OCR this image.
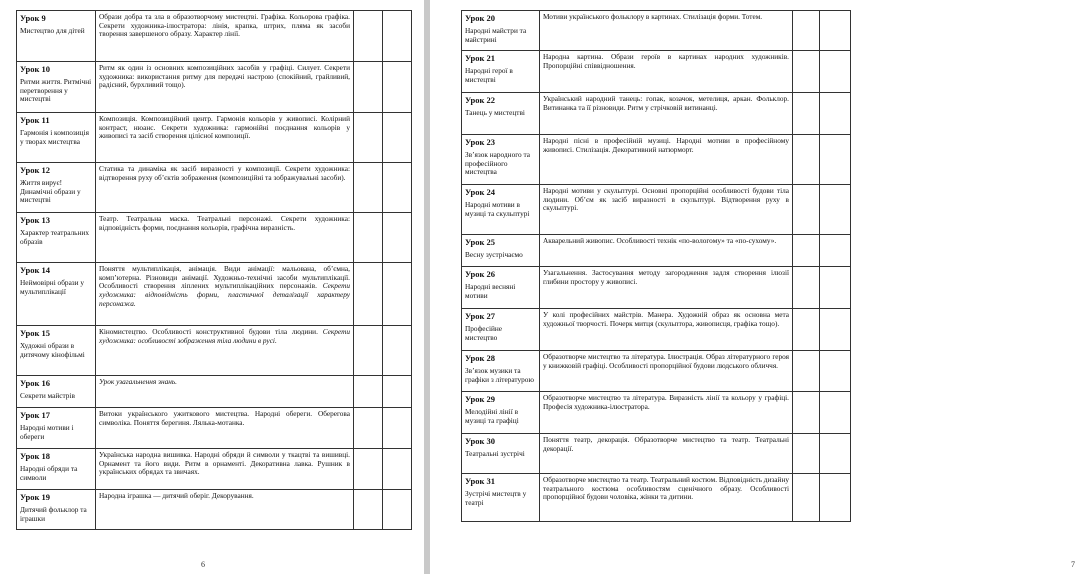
Урок 9
Мистецтво для дітей	Образи добра та зла в образотворчому мистецтві. Графіка. Кольорова графіка. Секрети художника-ілюстратора: лінія, крапка, штрих, пляма як засоби творення завершеного образу. Характер лінії.		

Урок 10
Ритми життя. Ритмічні перетворення у мистецтві	Ритм як один із основних композиційних засобів у графіці. Силует. Секрети художника: використання ритму для передачі настрою (спокійний, грайливий, радісний, бурхливий тощо).		

Урок 11
Гармонія і композиція у творах мистецтва	Композиція. Композиційний центр. Гармонія кольорів у живописі. Колірний контраст, нюанс. Секрети художника: гармонійні поєднання кольорів у живописі та засіб створення цілісної композиції.		

Урок 12
Життя вирує! Динамічні образи у мистецтві	Статика та динаміка як засіб виразності у композиції. Секрети художника: відтворення руху об’єктів зображення (композиційні та зображувальні засоби).		

Урок 13
Характер театральних образів	Театр. Театральна маска. Театральні персонажі. Секрети художника: відповідність форми, поєднання кольорів, графічна виразність.		

Урок 14
Неймовірні образи у мультиплікації	Поняття мультиплікація, анімація. Види анімації: мальована, об’ємна, комп’ютерна. Різновиди анімації. Художньо-технічні засоби мультиплікації. Особливості створення ліплених мультиплікаційних персонажів. Секрети художника: відповідність форми, пластичної деталізації характеру персонажа.		

Урок 15
Художні образи в дитячому кінофільмі	Кіномистецтво. Особливості конструктивної будови тіла людини. Секрети художника: особливості зображення тіла людини в русі.		

Урок 16
Секрети майстрів	Урок узагальнення знань.		

Урок 17
Народні мотиви і обереги	Витоки українського ужиткового мистецтва. Народні обереги. Оберегова символіка. Поняття берегиня. Лялька-мотанка.		

Урок 18
Народні обряди та символи	Українська народна вишивка. Народні обряди й символи у ткацтві та вишивці. Орнамент та його види. Ритм в орнаменті. Декоративна лавка. Рушник в українських обрядах та звичаях.		

Урок 19
Дитячий фольклор та іграшки	Народна іграшка — дитячий оберіг. Декорування.		
6
Урок 20
Народні майстри та майстрині	Мотиви українського фольклору в картинах. Стилізація форми. Тотем.		

Урок 21
Народні герої в мистецтві	Народна картина. Образи героїв в картинах народних художників. Пропорційні співвідношення.		

Урок 22
Танець у мистецтві	Український народний танець: гопак, козачок, метелиця, аркан. Фольклор. Витинанка та її різновиди. Ритм у стрічковій витинанці.		

Урок 23
Зв’язок народного та професійного мистецтва	Народні пісні в професійній музиці. Народні мотиви в професійному живописі. Стилізація. Декоративний натюрморт.		

Урок 24
Народні мотиви в музиці та скульптурі	Народні мотиви у скульптурі. Основні пропорційні особливості будови тіла людини. Об’єм як засіб виразності в скульптурі. Відтворення руху в скульптурі.		

Урок 25
Весну зустрічаємо	Акварельний живопис. Особливості технік «по-вологому» та «по-сухому».		

Урок 26
Народні весняні мотиви	Узагальнення. Застосування методу загородження задля створення ілюзії глибини простору у живописі.		

Урок 27
Професійне мистецтво	У колі професійних майстрів. Манера. Художній образ як основна мета художньої творчості. Почерк митця (скульптора, живописця, графіка тощо).		

Урок 28
Зв’язок музики та графіки з літературою	Образотворче мистецтво та література. Ілюстрація. Образ літературного героя у книжковій графіці. Особливості пропорційної будови людського обличчя.		

Урок 29
Мелодійні лінії в музиці та графіці	Образотворче мистецтво та література. Виразність лінії та кольору у графіці. Професія художника-ілюстратора.		

Урок 30
Театральні зустрічі	Поняття театр, декорація. Образотворче мистецтво та театр. Театральні декорації.		

Урок 31
Зустрічі мистецтв у театрі	Образотворче мистецтво та театр. Театральний костюм. Відповідність дизайну театрального костюма особливостям сценічного образу. Особливості пропорційної будови чоловіка, жінки та дитини.		
7
